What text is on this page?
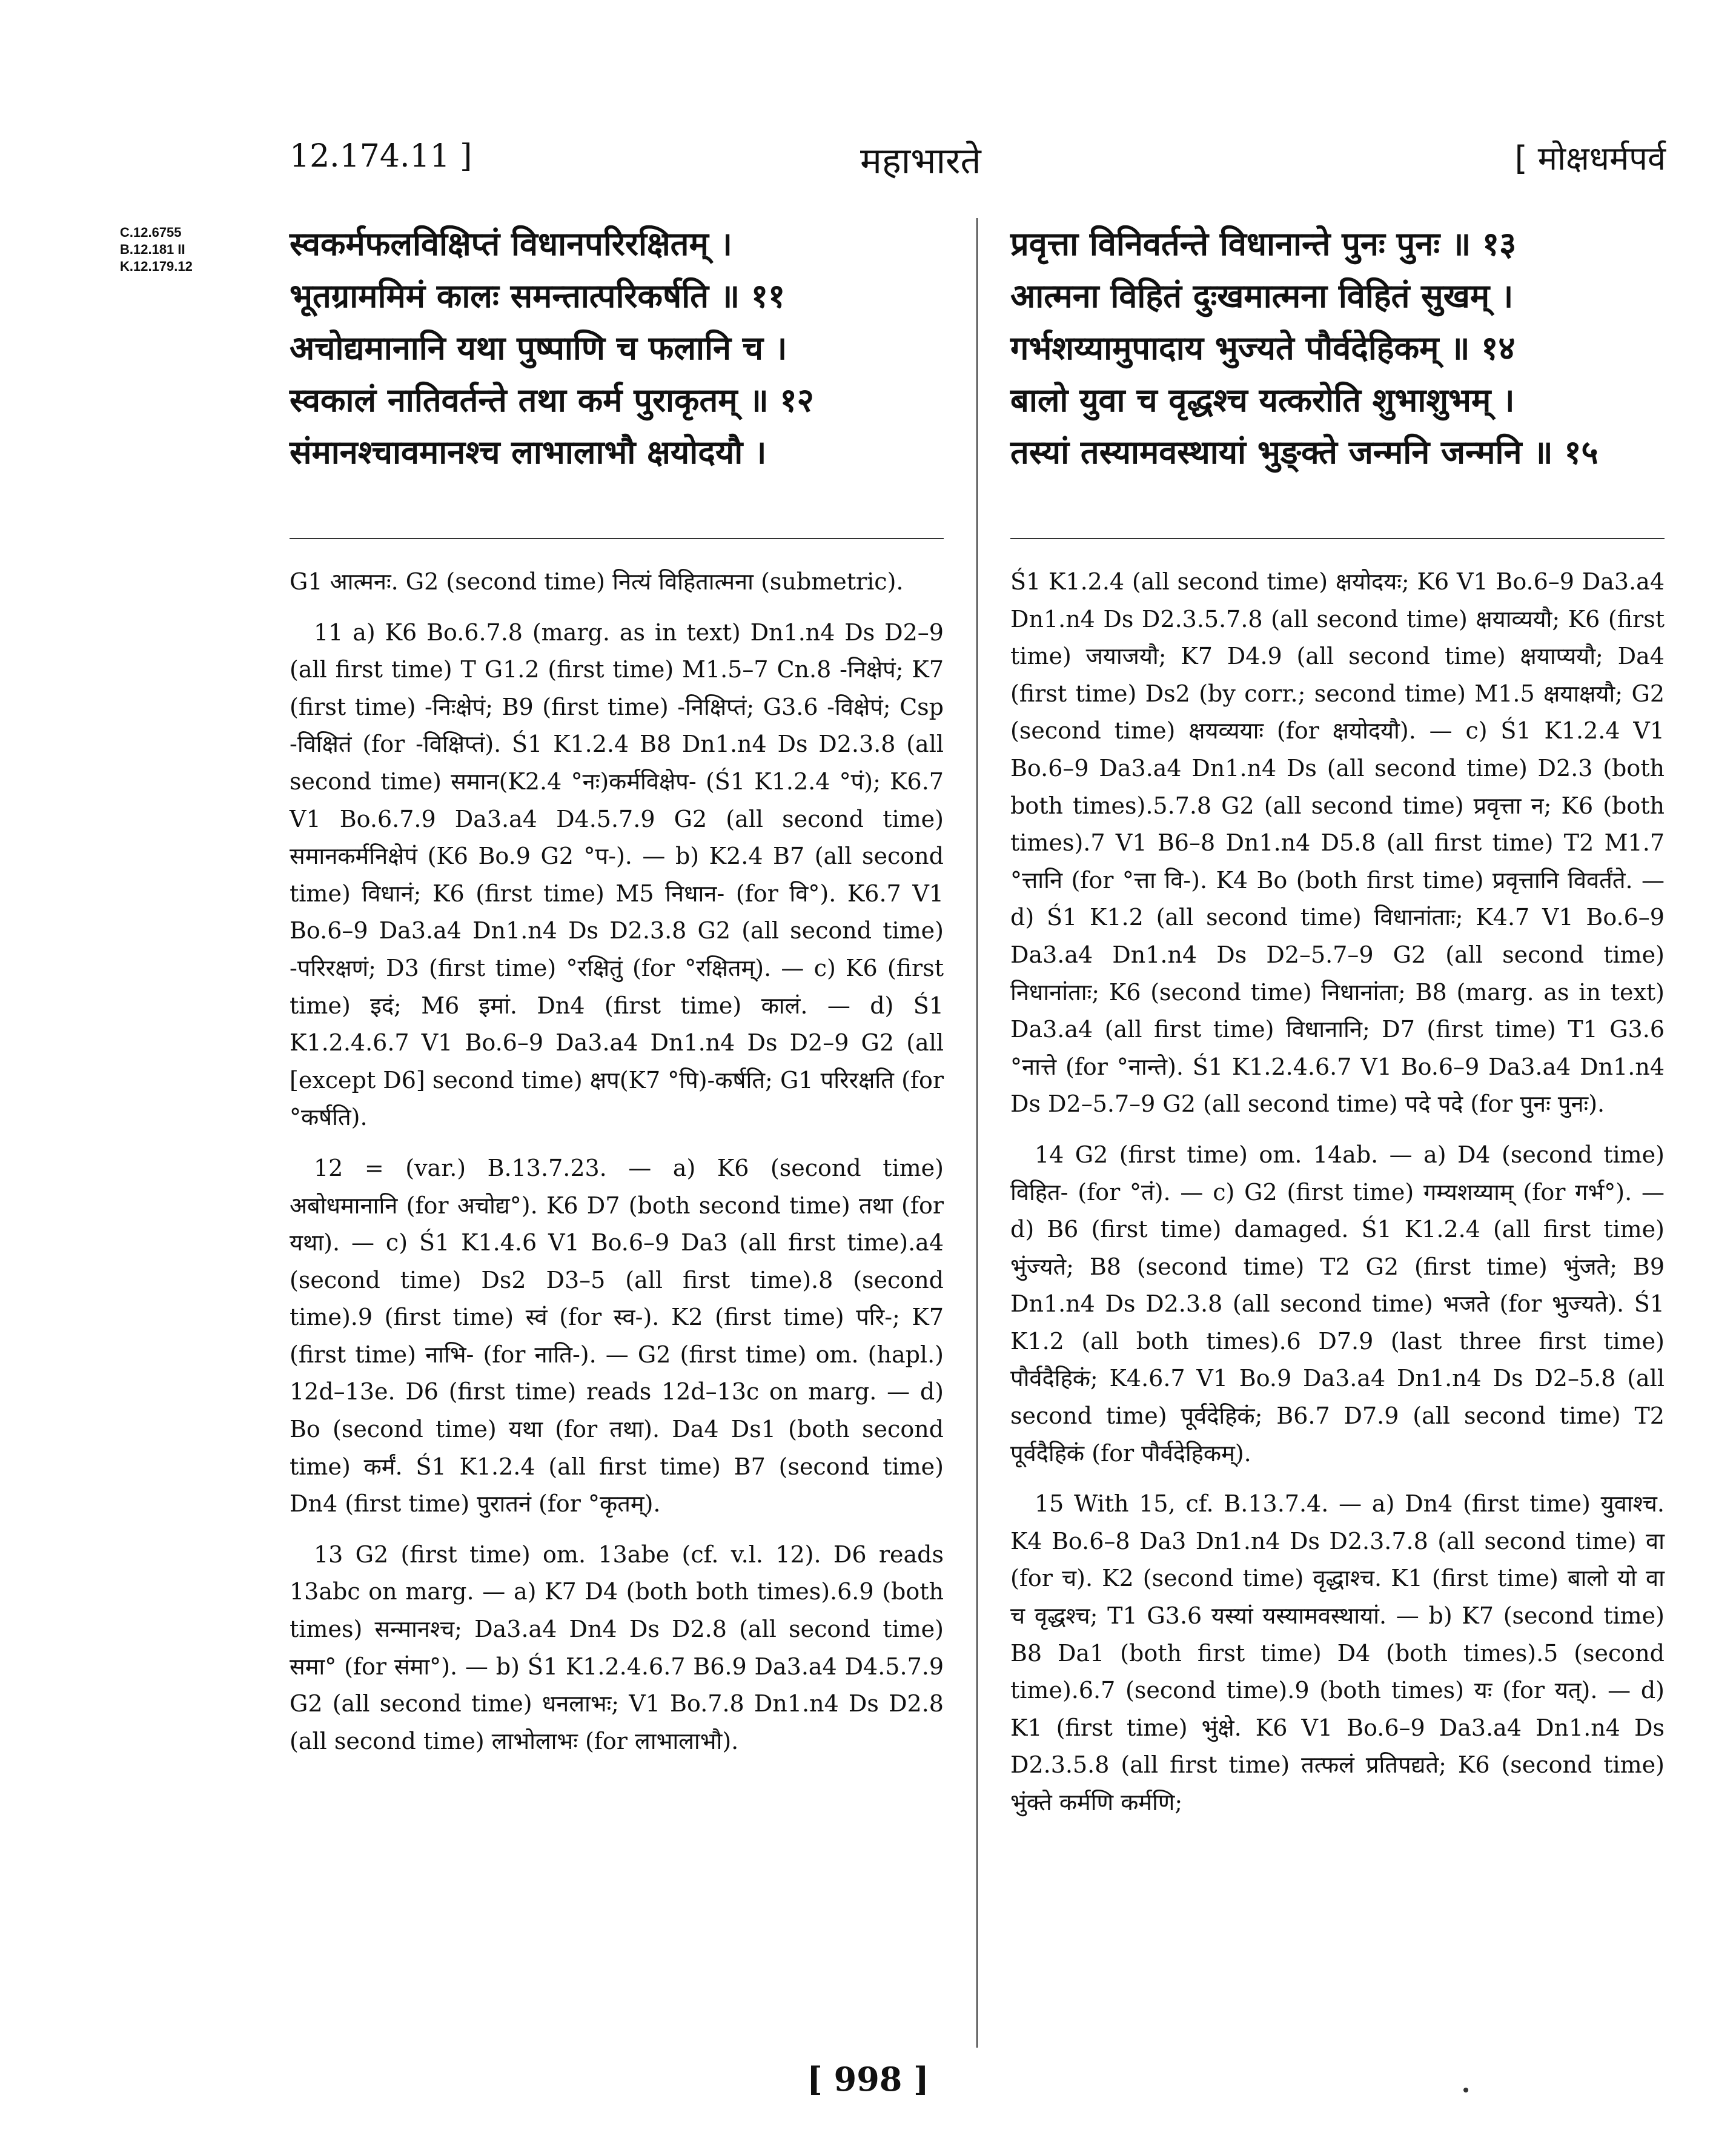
12.174.11 ]	महाभारते	[ मोक्षधर्मपर्व
C.12.6755
B.12.181 II
K.12.179.12
स्वकर्मफलविक्षिप्तं विधानपरिरक्षितम् ।
भूतग्राममिमं कालः समन्तात्परिकर्षति ॥ ११
अचोद्यमानानि यथा पुष्पाणि च फलानि च ।
स्वकालं नातिवर्तन्ते तथा कर्म पुराकृतम् ॥ १२
संमानश्चावमानश्च लाभालाभौ क्षयोदयौ ।
प्रवृत्ता विनिवर्तन्ते विधानान्ते पुनः पुनः ॥ १३
आत्मना विहितं दुःखमात्मना विहितं सुखम् ।
गर्भशय्यामुपादाय भुज्यते पौर्वदेहिकम् ॥ १४
बालो युवा च वृद्धश्च यत्करोति शुभाशुभम् ।
तस्यां तस्यामवस्थायां भुङ्क्ते जन्मनि जन्मनि ॥ १५

G1 आत्मनः. G2 (second time) नित्यं विहितात्मना (submetric).

11 a) K6 Bo.6.7.8 (marg. as in text) Dn1.n4 Ds D2–9 (all first time) T G1.2 (first time) M1.5–7 Cn.8 -निक्षेपं; K7 (first time) -निःक्षेपं; B9 (first time) -निक्षिप्तं; G3.6 -विक्षेपं; Csp -विक्षितं (for -विक्षिप्तं). Ś1 K1.2.4 B8 Dn1.n4 Ds D2.3.8 (all second time) समान(K2.4 °नः)कर्मविक्षेप- (Ś1 K1.2.4 °पं); K6.7 V1 Bo.6.7.9 Da3.a4 D4.5.7.9 G2 (all second time) समानकर्मनिक्षेपं (K6 Bo.9 G2 °प-). — b) K2.4 B7 (all second time) विधानं; K6 (first time) M5 निधान- (for वि°). K6.7 V1 Bo.6–9 Da3.a4 Dn1.n4 Ds D2.3.8 G2 (all second time) -परिरक्षणं; D3 (first time) °रक्षितुं (for °रक्षितम्). — c) K6 (first time) इदं; M6 इमां. Dn4 (first time) कालं. — d) Ś1 K1.2.4.6.7 V1 Bo.6–9 Da3.a4 Dn1.n4 Ds D2–9 G2 (all [except D6] second time) क्षप(K7 °पि)-कर्षति; G1 परिरक्षति (for °कर्षति).

12 = (var.) B.13.7.23. — a) K6 (second time) अबोधमानानि (for अचोद्य°). K6 D7 (both second time) तथा (for यथा). — c) Ś1 K1.4.6 V1 Bo.6–9 Da3 (all first time).a4 (second time) Ds2 D3–5 (all first time).8 (second time).9 (first time) स्वं (for स्व-). K2 (first time) परि-; K7 (first time) नाभि- (for नाति-). — G2 (first time) om. (hapl.) 12d–13e. D6 (first time) reads 12d–13c on marg. — d) Bo (second time) यथा (for तथा). Da4 Ds1 (both second time) कर्मं. Ś1 K1.2.4 (all first time) B7 (second time) Dn4 (first time) पुरातनं (for °कृतम्).

13 G2 (first time) om. 13abe (cf. v.l. 12). D6 reads 13abc on marg. — a) K7 D4 (both both times).6.9 (both times) सन्मानश्च; Da3.a4 Dn4 Ds D2.8 (all second time) समा° (for संमा°). — b) Ś1 K1.2.4.6.7 B6.9 Da3.a4 D4.5.7.9 G2 (all second time) धनलाभः; V1 Bo.7.8 Dn1.n4 Ds D2.8 (all second time) लाभोलाभः (for लाभालाभौ).

Ś1 K1.2.4 (all second time) क्षयोदयः; K6 V1 Bo.6–9 Da3.a4 Dn1.n4 Ds D2.3.5.7.8 (all second time) क्षयाव्ययौ; K6 (first time) जयाजयौ; K7 D4.9 (all second time) क्षयाप्ययौ; Da4 (first time) Ds2 (by corr.; second time) M1.5 क्षयाक्षयौ; G2 (second time) क्षयव्ययाः (for क्षयोदयौ). — c) Ś1 K1.2.4 V1 Bo.6–9 Da3.a4 Dn1.n4 Ds (all second time) D2.3 (both both times).5.7.8 G2 (all second time) प्रवृत्ता न; K6 (both times).7 V1 B6–8 Dn1.n4 D5.8 (all first time) T2 M1.7 °त्तानि (for °त्ता वि-). K4 Bo (both first time) प्रवृत्तानि विवर्तंते. — d) Ś1 K1.2 (all second time) विधानांताः; K4.7 V1 Bo.6–9 Da3.a4 Dn1.n4 Ds D2–5.7–9 G2 (all second time) निधानांताः; K6 (second time) निधानांता; B8 (marg. as in text) Da3.a4 (all first time) विधानानि; D7 (first time) T1 G3.6 °नात्ते (for °नान्ते). Ś1 K1.2.4.6.7 V1 Bo.6–9 Da3.a4 Dn1.n4 Ds D2–5.7–9 G2 (all second time) पदे पदे (for पुनः पुनः).

14 G2 (first time) om. 14ab. — a) D4 (second time) विहित- (for °तं). — c) G2 (first time) गम्यशय्याम् (for गर्भ°). — d) B6 (first time) damaged. Ś1 K1.2.4 (all first time) भुंज्यते; B8 (second time) T2 G2 (first time) भुंजते; B9 Dn1.n4 Ds D2.3.8 (all second time) भजते (for भुज्यते). Ś1 K1.2 (all both times).6 D7.9 (last three first time) पौर्वदैहिकं; K4.6.7 V1 Bo.9 Da3.a4 Dn1.n4 Ds D2–5.8 (all second time) पूर्वदेहिकं; B6.7 D7.9 (all second time) T2 पूर्वदैहिकं (for पौर्वदेहिकम्).

15 With 15, cf. B.13.7.4. — a) Dn4 (first time) युवाश्च. K4 Bo.6–8 Da3 Dn1.n4 Ds D2.3.7.8 (all second time) वा (for च). K2 (second time) वृद्धाश्च. K1 (first time) बालो यो वा च वृद्धश्च; T1 G3.6 यस्यां यस्यामवस्थायां. — b) K7 (second time) B8 Da1 (both first time) D4 (both times).5 (second time).6.7 (second time).9 (both times) यः (for यत्). — d) K1 (first time) भुंक्षे. K6 V1 Bo.6–9 Da3.a4 Dn1.n4 Ds D2.3.5.8 (all first time) तत्फलं प्रतिपद्यते; K6 (second time) भुंक्ते कर्मणि कर्मणि;

[ 998 ]
